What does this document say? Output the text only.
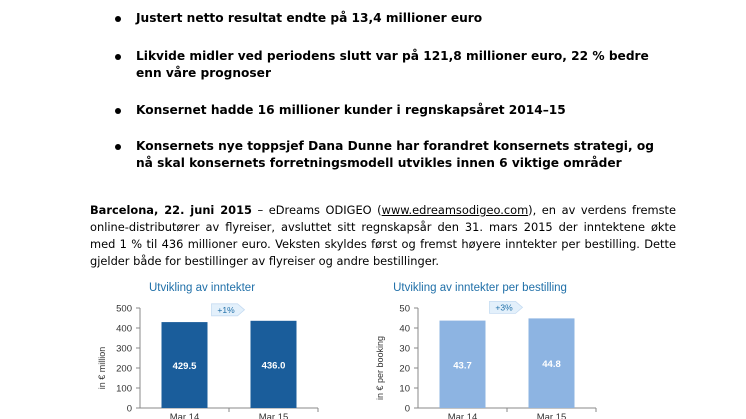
Justert netto resultat endte på 13,4 millioner euro
Likvide midler ved periodens slutt var på 121,8 millioner euro, 22 % bedre enn våre prognoser
Konsernet hadde 16 millioner kunder i regnskapsåret 2014–15
Konsernets nye toppsjef Dana Dunne har forandret konsernets strategi, og nå skal konsernets forretningsmodell utvikles innen 6 viktige områder
Barcelona, 22. juni 2015 – eDreams ODIGEO (www.edreamsodigeo.com), en av verdens fremste online-distributører av flyreiser, avsluttet sitt regnskapsår den 31. mars 2015 der inntektene økte med 1 % til 436 millioner euro. Veksten skyldes først og fremst høyere inntekter per bestilling. Dette gjelder både for bestillinger av flyreiser og andre bestillinger.
Utvikling av inntekter
0
100
200
300
400
500
in € million	429.5
Mar 14
436.0
Mar 15
+1%
Utvikling av inntekter per bestilling
0
10
20
30
40
50
in € per booking	43.7
Mar 14
44.8
Mar 15
+3%
